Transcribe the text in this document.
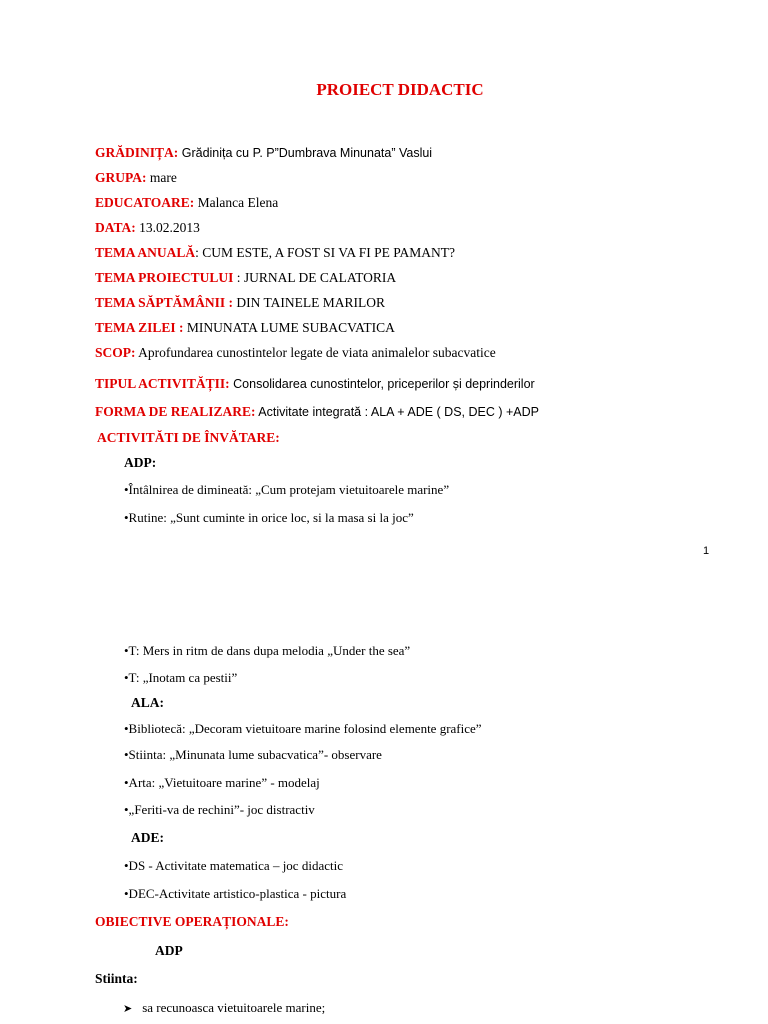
PROIECT DIDACTIC
GRĂDINIȚA: Grădinița cu P. P”Dumbrava Minunata” Vaslui
GRUPA: mare
EDUCATOARE: Malanca Elena
DATA: 13.02.2013
TEMA ANUALĂ: CUM ESTE, A FOST SI VA FI PE PAMANT?
TEMA PROIECTULUI : JURNAL DE CALATORIA
TEMA SĂPTĂMÂNII : DIN TAINELE MARILOR
TEMA ZILEI : MINUNATA LUME SUBACVATICA
SCOP: Aprofundarea cunostintelor legate de viata animalelor subacvatice
TIPUL ACTIVITĂȚII: Consolidarea cunostintelor, priceperilor și deprinderilor
FORMA DE REALIZARE: Activitate integrată : ALA + ADE ( DS, DEC ) +ADP
ACTIVITĂTI DE ÎNVĂTARE:
ADP:
•Întâlnirea de dimineată: „Cum protejam vietuitoarele marine”
•Rutine: „Sunt cuminte in orice loc, si la masa si la joc”
1
•T: Mers in ritm de dans dupa melodia „Under the sea”
•T: „Inotam ca pestii”
ALA:
•Bibliotecă: „Decoram vietuitoare marine folosind elemente grafice”
•Stiinta: „Minunata lume subacvatica”- observare
•Arta: „Vietuitoare marine” - modelaj
•„Feriti-va de rechini”- joc distractiv
ADE:
•DS - Activitate matematica – joc didactic
•DEC-Activitate artistico-plastica - pictura
OBIECTIVE OPERAȚIONALE:
ADP
Stiinta:
➤ sa recunoasca vietuitoarele marine;
